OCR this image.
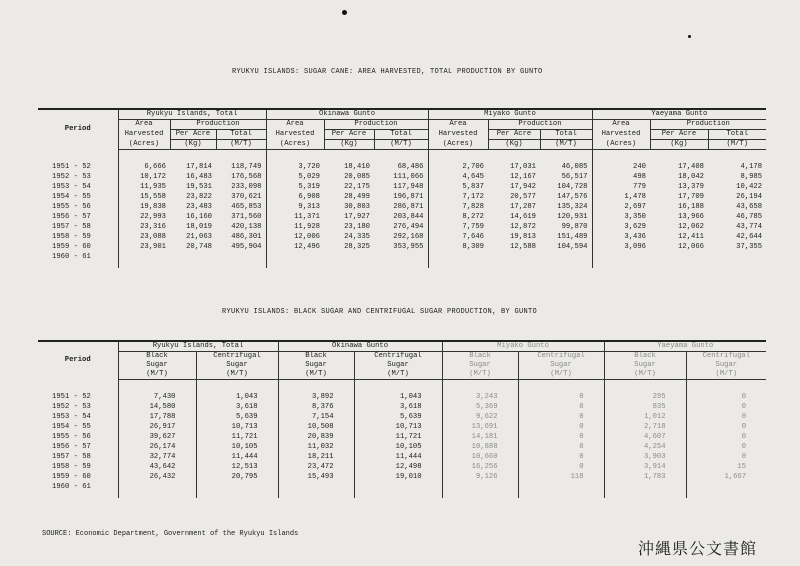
RYUKYU ISLANDS: SUGAR CANE: AREA HARVESTED, TOTAL PRODUCTION BY GUNTO
Period	Ryukyu Islands, Total			Okinawa Gunto			Miyako Gunto			Yaeyama Gunto		
	Area	Production		Area	Production		Area	Production		Area	Production	
	Harvested	Per Acre	Total	Harvested	Per Acre	Total	Harvested	Per Acre	Total	Harvested	Per Acre	Total
	(Acres)	(Kg)	(M/T)	(Acres)	(Kg)	(M/T)	(Acres)	(Kg)	(M/T)	(Acres)	(Kg)	(M/T)

1951 - 52	6,666	17,814	118,749	3,720	18,410	68,486	2,706	17,031	46,085	240	17,408	4,178
1952 - 53	10,172	16,483	176,568	5,029	20,085	111,066	4,645	12,167	56,517	498	18,042	8,985
1953 - 54	11,935	19,531	233,098	5,319	22,175	117,948	5,837	17,942	104,728	779	13,379	10,422
1954 - 55	15,558	23,822	370,621	6,908	28,499	196,871	7,172	20,577	147,576	1,478	17,709	26,194
1955 - 56	19,838	23,483	465,853	9,313	30,803	286,871	7,828	17,287	135,324	2,697	16,188	43,658
1956 - 57	22,993	16,160	371,560	11,371	17,927	203,844	8,272	14,619	120,931	3,350	13,966	46,785
1957 - 58	23,316	18,019	420,138	11,928	23,180	276,494	7,759	12,872	99,870	3,629	12,062	43,774
1958 - 59	23,088	21,063	486,301	12,006	24,335	292,168	7,646	19,813	151,489	3,436	12,411	42,644
1959 - 60	23,901	20,748	495,904	12,496	28,325	353,955	8,309	12,588	104,594	3,096	12,066	37,355
1960 - 61												

RYUKYU ISLANDS: BLACK SUGAR AND CENTRIFUGAL SUGAR PRODUCTION, BY GUNTO
Period	Ryukyu Islands, Total		Okinawa Gunto		Miyako Gunto		Yaeyama Gunto	
	Black	Centrifugal	Black	Centrifugal	Black	Centrifugal	Black	Centrifugal
	Sugar	Sugar	Sugar	Sugar	Sugar	Sugar	Sugar	Sugar
	(M/T)	(M/T)	(M/T)	(M/T)	(M/T)	(M/T)	(M/T)	(M/T)

1951 - 52	7,430	1,043	3,892	1,043	3,243	0	295	0
1952 - 53	14,580	3,618	8,376	3,618	5,369	0	835	0
1953 - 54	17,788	5,639	7,154	5,639	9,622	0	1,012	0
1954 - 55	26,917	10,713	10,508	10,713	13,691	0	2,718	0
1955 - 56	39,627	11,721	20,839	11,721	14,181	0	4,607	0
1956 - 57	26,174	10,105	11,032	10,105	10,888	0	4,254	0
1957 - 58	32,774	11,444	18,211	11,444	10,660	0	3,903	0
1958 - 59	43,642	12,513	23,472	12,498	16,256	0	3,914	15
1959 - 60	26,432	20,795	15,493	19,010	9,126	118	1,783	1,667
1960 - 61								

SOURCE: Economic Department, Government of the Ryukyu Islands
沖縄県公文書館
